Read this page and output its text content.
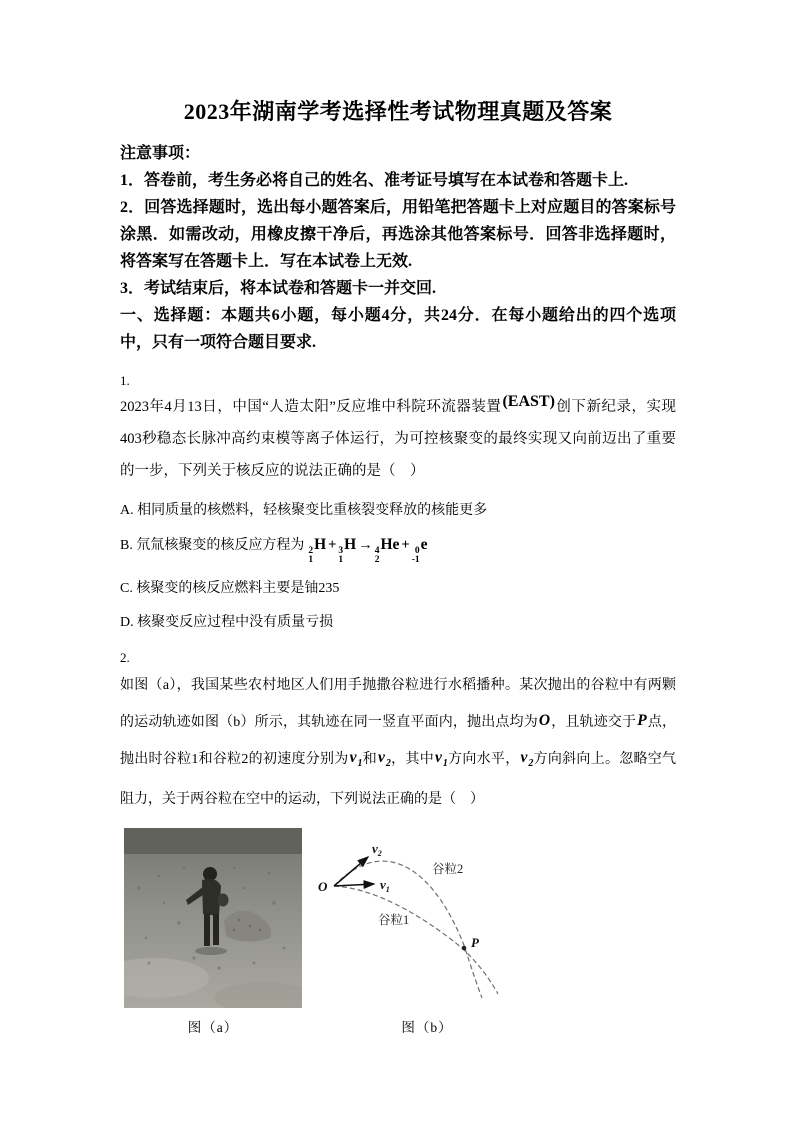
2023年湖南学考选择性考试物理真题及答案

注意事项：

1．答卷前，考生务必将自己的姓名、准考证号填写在本试卷和答题卡上.

2．回答选择题时，选出每小题答案后，用铅笔把答题卡上对应题目的答案标号涂黑．如需改动，用橡皮擦干净后，再选涂其他答案标号．回答非选择题时，将答案写在答题卡上．写在本试卷上无效.

3．考试结束后，将本试卷和答题卡一并交回.

一、选择题：本题共6小题，每小题4分，共24分．在每小题给出的四个选项中，只有一项符合题目要求.

1.

2023年4月13日，中国“人造太阳”反应堆中科院环流器装置(EAST)创下新纪录，实现403秒稳态长脉冲高约束模等离子体运行，为可控核聚变的最终实现又向前迈出了重要的一步，下列关于核反应的说法正确的是（　）

A. 相同质量的核燃料，轻核聚变比重核裂变释放的核能更多

B. 氘氚核聚变的核反应方程为 2
1
H + 3
1
H → 4
2
He + 0
-1
e

C. 核聚变的核反应燃料主要是铀235

D. 核聚变反应过程中没有质量亏损

2.

如图（a），我国某些农村地区人们用手抛撒谷粒进行水稻播种。某次抛出的谷粒中有两颗的运动轨迹如图（b）所示，其轨迹在同一竖直平面内，抛出点均为O，且轨迹交于P点，抛出时谷粒1和谷粒2的初速度分别为$v_1$和$v_2$，其中$v_1$方向水平，$v_2$方向斜向上。忽略空气阻力，关于两谷粒在空中的运动，下列说法正确的是（　）

图（a）
O
$v_2$
$v_1$
P
谷粒2
谷粒1
图（b）
